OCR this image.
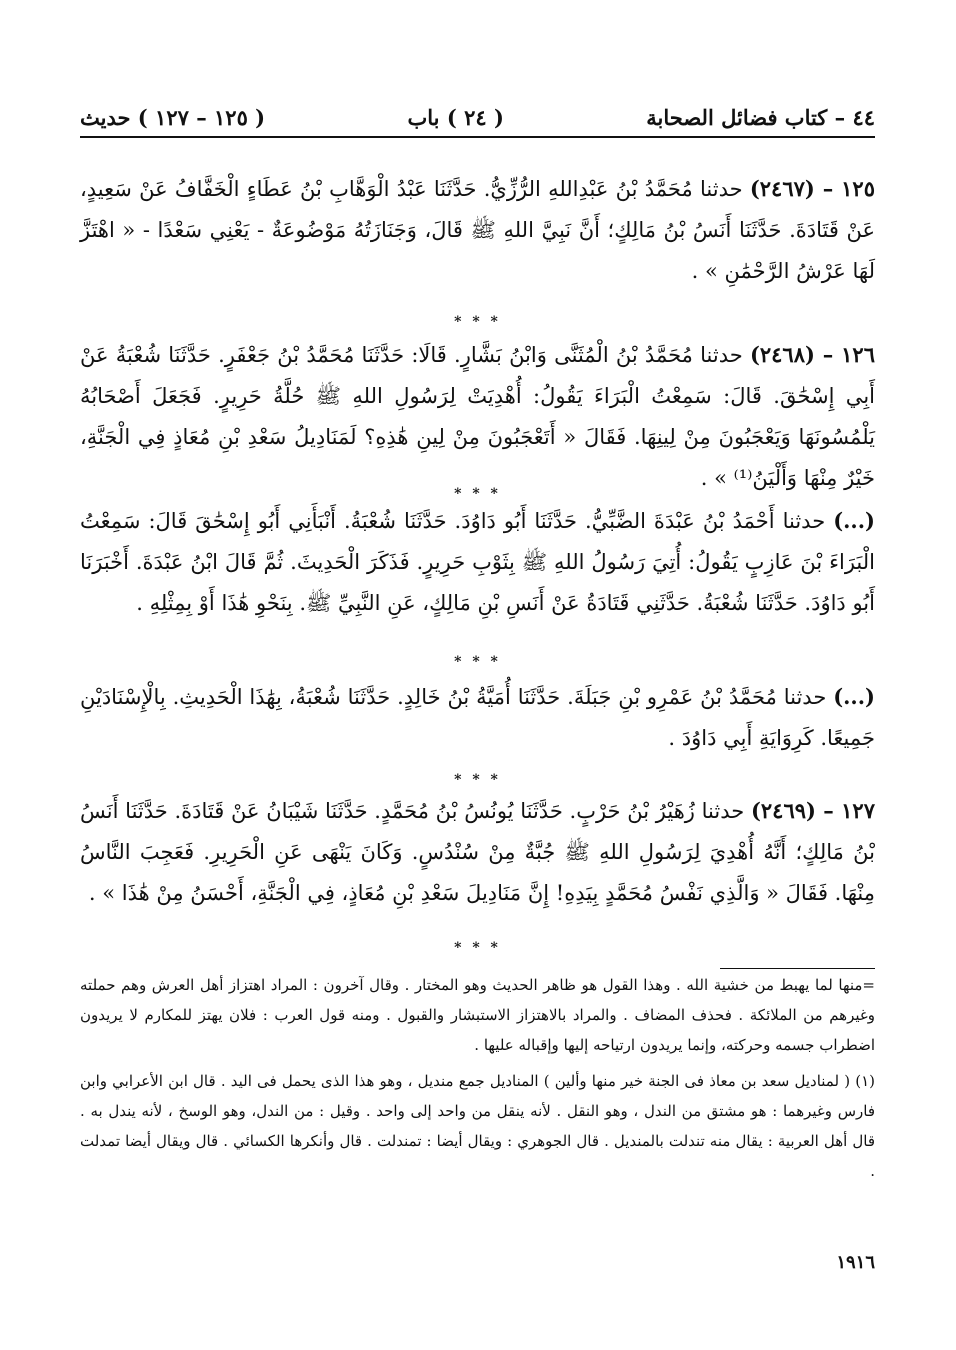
٤٤ – كتاب فضائل الصحابة
( ٢٤ ) باب
( ١٢٥ – ١٢٧ ) حديث

١٢٥ – (٢٤٦٧) حدثنا مُحَمَّدُ بْنُ عَبْدِاللهِ الرُّزِّيُّ. حَدَّثَنَا عَبْدُ الْوَهَّابِ بْنُ عَطَاءٍ الْخَفَّافُ عَنْ سَعِيدٍ، عَنْ قَتَادَةَ. حَدَّثَنَا أَنَسُ بْنُ مَالِكٍ؛ أَنَّ نَبِيَّ اللهِ ﷺ قَالَ، وَجَنَازَتُهُ مَوْضُوعَةٌ - يَعْنِي سَعْدًا - « اهْتَزَّ لَهَا عَرْشُ الرَّحْمَٰنِ » .

* * *

١٢٦ – (٢٤٦٨) حدثنا مُحَمَّدُ بْنُ الْمُثَنَّى وَابْنُ بَشَّارٍ. قَالَا: حَدَّثَنَا مُحَمَّدُ بْنُ جَعْفَرٍ. حَدَّثَنَا شُعْبَةُ عَنْ أَبِي إِسْحَٰقَ. قَالَ: سَمِعْتُ الْبَرَاءَ يَقُولُ: أُهْدِيَتْ لِرَسُولِ اللهِ ﷺ حُلَّةُ حَرِيرٍ. فَجَعَلَ أَصْحَابُهُ يَلْمُسُونَهَا وَيَعْجَبُونَ مِنْ لِينِهَا. فَقَالَ « أَتَعْجَبُونَ مِنْ لِينِ هَٰذِهِ؟ لَمَنَادِيلُ سَعْدِ بْنِ مُعَاذٍ فِي الْجَنَّةِ، خَيْرٌ مِنْهَا وَأَلْيَنُ⁽¹⁾ » .

* * *

(...) حدثنا أَحْمَدُ بْنُ عَبْدَةَ الضَّبِّيُّ. حَدَّثَنَا أَبُو دَاوُدَ. حَدَّثَنَا شُعْبَةُ. أَنْبَأَنِي أَبُو إِسْحَٰقَ قَالَ: سَمِعْتُ الْبَرَاءَ بْنَ عَازِبٍ يَقُولُ: أُتِيَ رَسُولُ اللهِ ﷺ بِثَوْبِ حَرِيرٍ. فَذَكَرَ الْحَدِيثَ. ثُمَّ قَالَ ابْنُ عَبْدَةَ. أَخْبَرَنَا أَبُو دَاوُدَ. حَدَّثَنَا شُعْبَةُ. حَدَّثَنِي قَتَادَةُ عَنْ أَنَسِ بْنِ مَالِكٍ، عَنِ النَّبِيِّ ﷺ. بِنَحْوِ هَٰذَا أَوْ بِمِثْلِهِ .

* * *

(...) حدثنا مُحَمَّدُ بْنُ عَمْرِو بْنِ جَبَلَةَ. حَدَّثَنَا أُمَيَّةُ بْنُ خَالِدٍ. حَدَّثَنَا شُعْبَةُ، بِهَٰذَا الْحَدِيثِ. بِالْإِسْنَادَيْنِ جَمِيعًا. كَرِوَايَةِ أَبِي دَاوُدَ .

* * *

١٢٧ – (٢٤٦٩) حدثنا زُهَيْرُ بْنُ حَرْبٍ. حَدَّثَنَا يُونُسُ بْنُ مُحَمَّدٍ. حَدَّثَنَا شَيْبَانُ عَنْ قَتَادَةَ. حَدَّثَنَا أَنَسُ بْنُ مَالِكٍ؛ أَنَّهُ أُهْدِيَ لِرَسُولِ اللهِ ﷺ جُبَّةٌ مِنْ سُنْدُسٍ. وَكَانَ يَنْهَى عَنِ الْحَرِيرِ. فَعَجِبَ النَّاسُ مِنْهَا. فَقَالَ « وَالَّذِي نَفْسُ مُحَمَّدٍ بِيَدِهِ! إِنَّ مَنَادِيلَ سَعْدِ بْنِ مُعَاذٍ، فِي الْجَنَّةِ، أَحْسَنُ مِنْ هَٰذَا » .

* * *

=منها لما يهبط من خشية الله . وهذا القول هو ظاهر الحديث وهو المختار . وقال آخرون : المراد اهتزاز أهل العرش وهم حملته وغيرهم من الملائكة . فحذف المضاف . والمراد بالاهتزاز الاستبشار والقبول . ومنه قول العرب : فلان يهتز للمكارم لا يريدون اضطراب جسمه وحركته، وإنما يريدون ارتياحه إليها وإقباله عليها .

(١) ( لمناديل سعد بن معاذ فى الجنة خير منها وألين ) المناديل جمع منديل ، وهو هذا الذى يحمل فى اليد . قال ابن الأعرابي وابن فارس وغيرهما : هو مشتق من الندل ، وهو النقل . لأنه ينقل من واحد إلى واحد . وقيل : من الندل، وهو الوسخ ، لأنه يندل به . قال أهل العربية : يقال منه تندلت بالمنديل . قال الجوهري : ويقال أيضا : تمندلت . قال وأنكرها الكسائي . قال ويقال أيضا تمدلت .

١٩١٦
